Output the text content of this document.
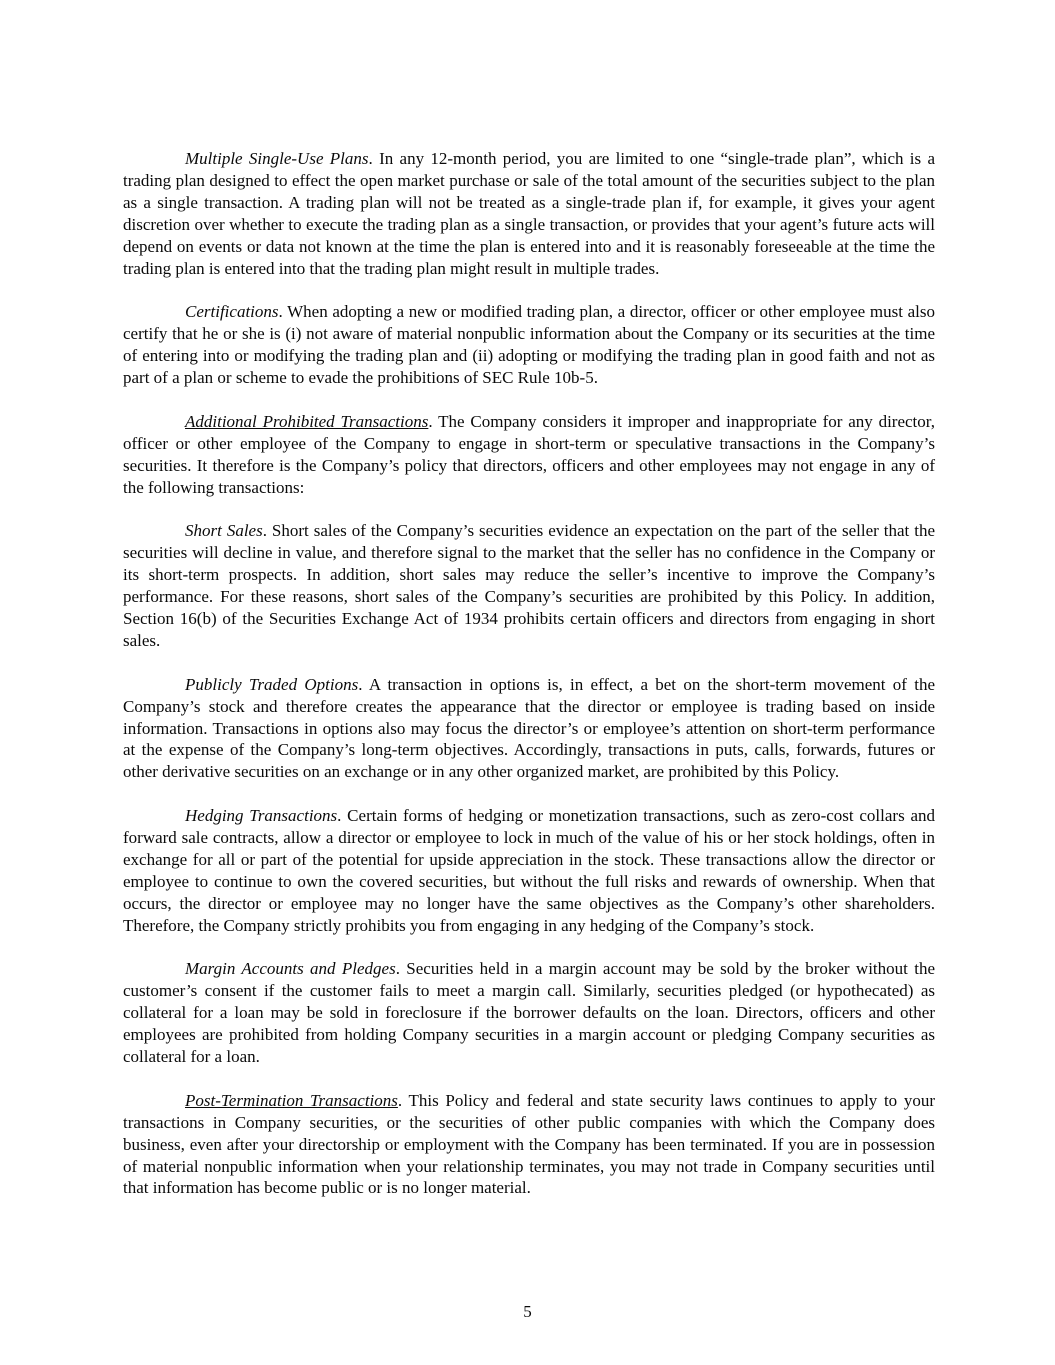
Multiple Single-Use Plans. In any 12-month period, you are limited to one “single-trade plan”, which is a trading plan designed to effect the open market purchase or sale of the total amount of the securities subject to the plan as a single transaction. A trading plan will not be treated as a single-trade plan if, for example, it gives your agent discretion over whether to execute the trading plan as a single transaction, or provides that your agent’s future acts will depend on events or data not known at the time the plan is entered into and it is reasonably foreseeable at the time the trading plan is entered into that the trading plan might result in multiple trades.

Certifications. When adopting a new or modified trading plan, a director, officer or other employee must also certify that he or she is (i) not aware of material nonpublic information about the Company or its securities at the time of entering into or modifying the trading plan and (ii) adopting or modifying the trading plan in good faith and not as part of a plan or scheme to evade the prohibitions of SEC Rule 10b-5.

Additional Prohibited Transactions. The Company considers it improper and inappropriate for any director, officer or other employee of the Company to engage in short-term or speculative transactions in the Company’s securities. It therefore is the Company’s policy that directors, officers and other employees may not engage in any of the following transactions:

Short Sales. Short sales of the Company’s securities evidence an expectation on the part of the seller that the securities will decline in value, and therefore signal to the market that the seller has no confidence in the Company or its short-term prospects. In addition, short sales may reduce the seller’s incentive to improve the Company’s performance. For these reasons, short sales of the Company’s securities are prohibited by this Policy. In addition, Section 16(b) of the Securities Exchange Act of 1934 prohibits certain officers and directors from engaging in short sales.

Publicly Traded Options. A transaction in options is, in effect, a bet on the short-term movement of the Company’s stock and therefore creates the appearance that the director or employee is trading based on inside information. Transactions in options also may focus the director’s or employee’s attention on short-term performance at the expense of the Company’s long-term objectives. Accordingly, transactions in puts, calls, forwards, futures or other derivative securities on an exchange or in any other organized market, are prohibited by this Policy.

Hedging Transactions. Certain forms of hedging or monetization transactions, such as zero-cost collars and forward sale contracts, allow a director or employee to lock in much of the value of his or her stock holdings, often in exchange for all or part of the potential for upside appreciation in the stock. These transactions allow the director or employee to continue to own the covered securities, but without the full risks and rewards of ownership. When that occurs, the director or employee may no longer have the same objectives as the Company’s other shareholders. Therefore, the Company strictly prohibits you from engaging in any hedging of the Company’s stock.

Margin Accounts and Pledges. Securities held in a margin account may be sold by the broker without the customer’s consent if the customer fails to meet a margin call. Similarly, securities pledged (or hypothecated) as collateral for a loan may be sold in foreclosure if the borrower defaults on the loan. Directors, officers and other employees are prohibited from holding Company securities in a margin account or pledging Company securities as collateral for a loan.

Post-Termination Transactions. This Policy and federal and state security laws continues to apply to your transactions in Company securities, or the securities of other public companies with which the Company does business, even after your directorship or employment with the Company has been terminated. If you are in possession of material nonpublic information when your relationship terminates, you may not trade in Company securities until that information has become public or is no longer material.

5
